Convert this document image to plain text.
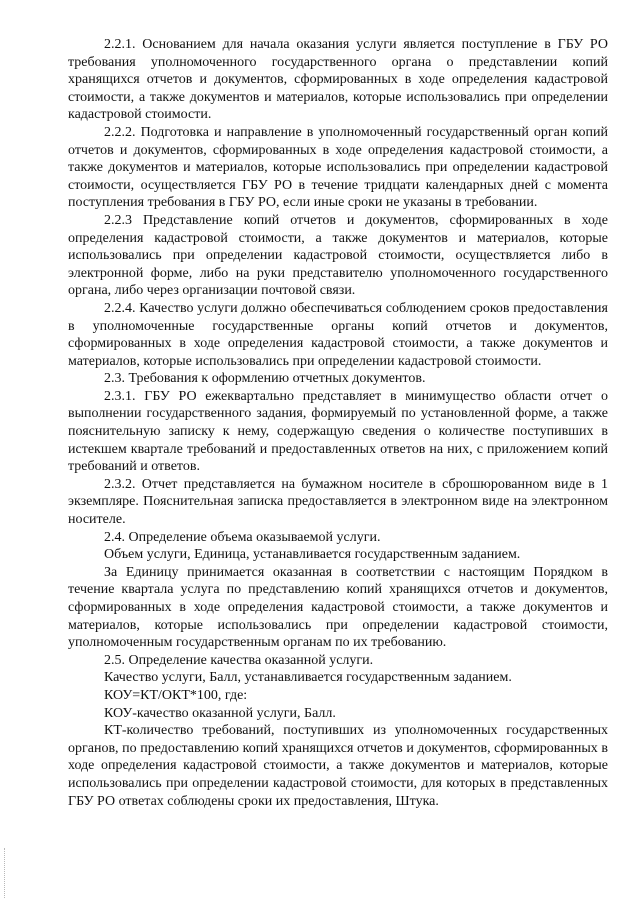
2.2.1. Основанием для начала оказания услуги является поступление в ГБУ РО требования уполномоченного государственного органа о представлении копий хранящихся отчетов и документов, сформированных в ходе определения кадастровой стоимости, а также документов и материалов, которые использовались при определении кадастровой стоимости.

2.2.2. Подготовка и направление в уполномоченный государственный орган копий отчетов и документов, сформированных в ходе определения кадастровой стоимости, а также документов и материалов, которые использовались при определении кадастровой стоимости, осуществляется ГБУ РО в течение тридцати календарных дней с момента поступления требования в ГБУ РО, если иные сроки не указаны в требовании.

2.2.3 Представление копий отчетов и документов, сформированных в ходе определения кадастровой стоимости, а также документов и материалов, которые использовались при определении кадастровой стоимости, осуществляется либо в электронной форме, либо на руки представителю уполномоченного государственного органа, либо через организации почтовой связи.

2.2.4. Качество услуги должно обеспечиваться соблюдением сроков предоставления в уполномоченные государственные органы копий отчетов и документов, сформированных в ходе определения кадастровой стоимости, а также документов и материалов, которые использовались при определении кадастровой стоимости.

2.3. Требования к оформлению отчетных документов.

2.3.1. ГБУ РО ежеквартально представляет в минимущество области отчет о выполнении государственного задания, формируемый по установленной форме, а также пояснительную записку к нему, содержащую сведения о количестве поступивших в истекшем квартале требований и предоставленных ответов на них, с приложением копий требований и ответов.

2.3.2. Отчет представляется на бумажном носителе в сброшюрованном виде в 1 экземпляре. Пояснительная записка предоставляется в электронном виде на электронном носителе.

2.4. Определение объема оказываемой услуги.

Объем услуги, Единица, устанавливается государственным заданием.

За Единицу принимается оказанная в соответствии с настоящим Порядком в течение квартала услуга по представлению копий хранящихся отчетов и документов, сформированных в ходе определения кадастровой стоимости, а также документов и материалов, которые использовались при определении кадастровой стоимости, уполномоченным государственным органам по их требованию.

2.5. Определение качества оказанной услуги.

Качество услуги, Балл, устанавливается государственным заданием.

КОУ=КТ/ОКТ*100, где:

КОУ-качество оказанной услуги, Балл.

КТ-количество требований, поступивших из уполномоченных государственных органов, по предоставлению копий хранящихся отчетов и документов, сформированных в ходе определения кадастровой стоимости, а также документов и материалов, которые использовались при определении кадастровой стоимости, для которых в представленных ГБУ РО ответах соблюдены сроки их предоставления, Штука.
